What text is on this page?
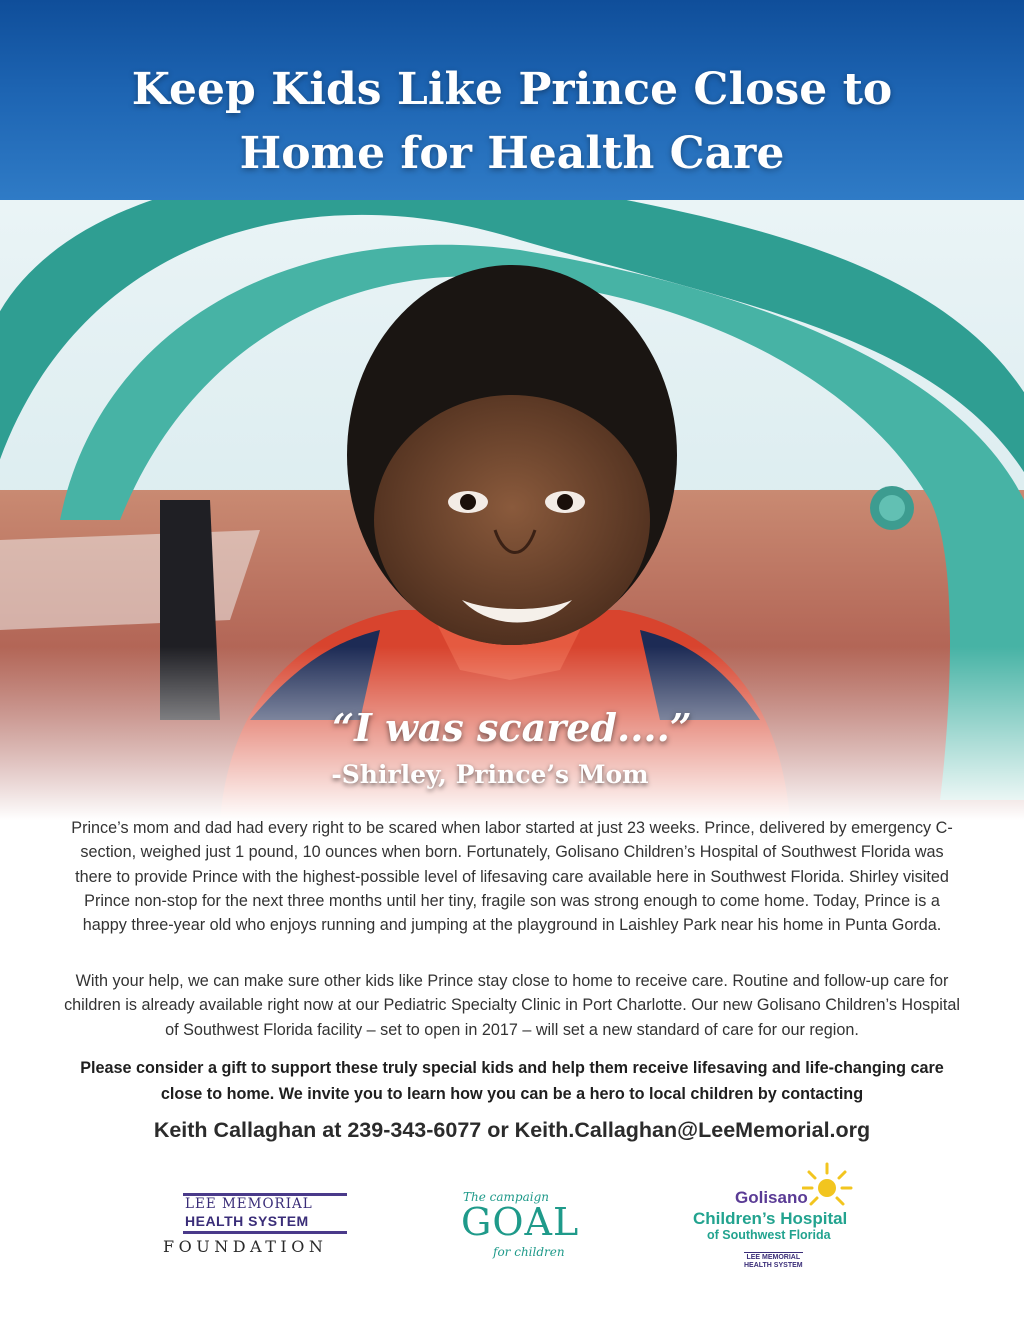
Keep Kids Like Prince Close to
Home for Health Care
“I was scared....”
-Shirley, Prince’s Mom

Prince’s mom and dad had every right to be scared when labor started at just 23 weeks. Prince, delivered by emergency C-section, weighed just 1 pound, 10 ounces when born. Fortunately, Golisano Children’s Hospital of Southwest Florida was there to provide Prince with the highest-possible level of lifesaving care available here in Southwest Florida. Shirley visited Prince non-stop for the next three months until her tiny, fragile son was strong enough to come home. Today, Prince is a happy three-year old who enjoys running and jumping at the playground in Laishley Park near his home in Punta Gorda.

With your help, we can make sure other kids like Prince stay close to home to receive care. Routine and follow-up care for children is already available right now at our Pediatric Specialty Clinic in Port Charlotte. Our new Golisano Children’s Hospital of Southwest Florida facility – set to open in 2017 – will set a new standard of care for our region.

Please consider a gift to support these truly special kids and help them receive lifesaving and life-changing care close to home. We invite you to learn how you can be a hero to local children by contacting

Keith Callaghan at 239-343-6077 or Keith.Callaghan@LeeMemorial.org
LEE MEMORIAL
HEALTH SYSTEM
FOUNDATION
The campaign
GOAL
for children
Golisano
Children’s Hospital
of Southwest Florida
LEE MEMORIAL
HEALTH SYSTEM
